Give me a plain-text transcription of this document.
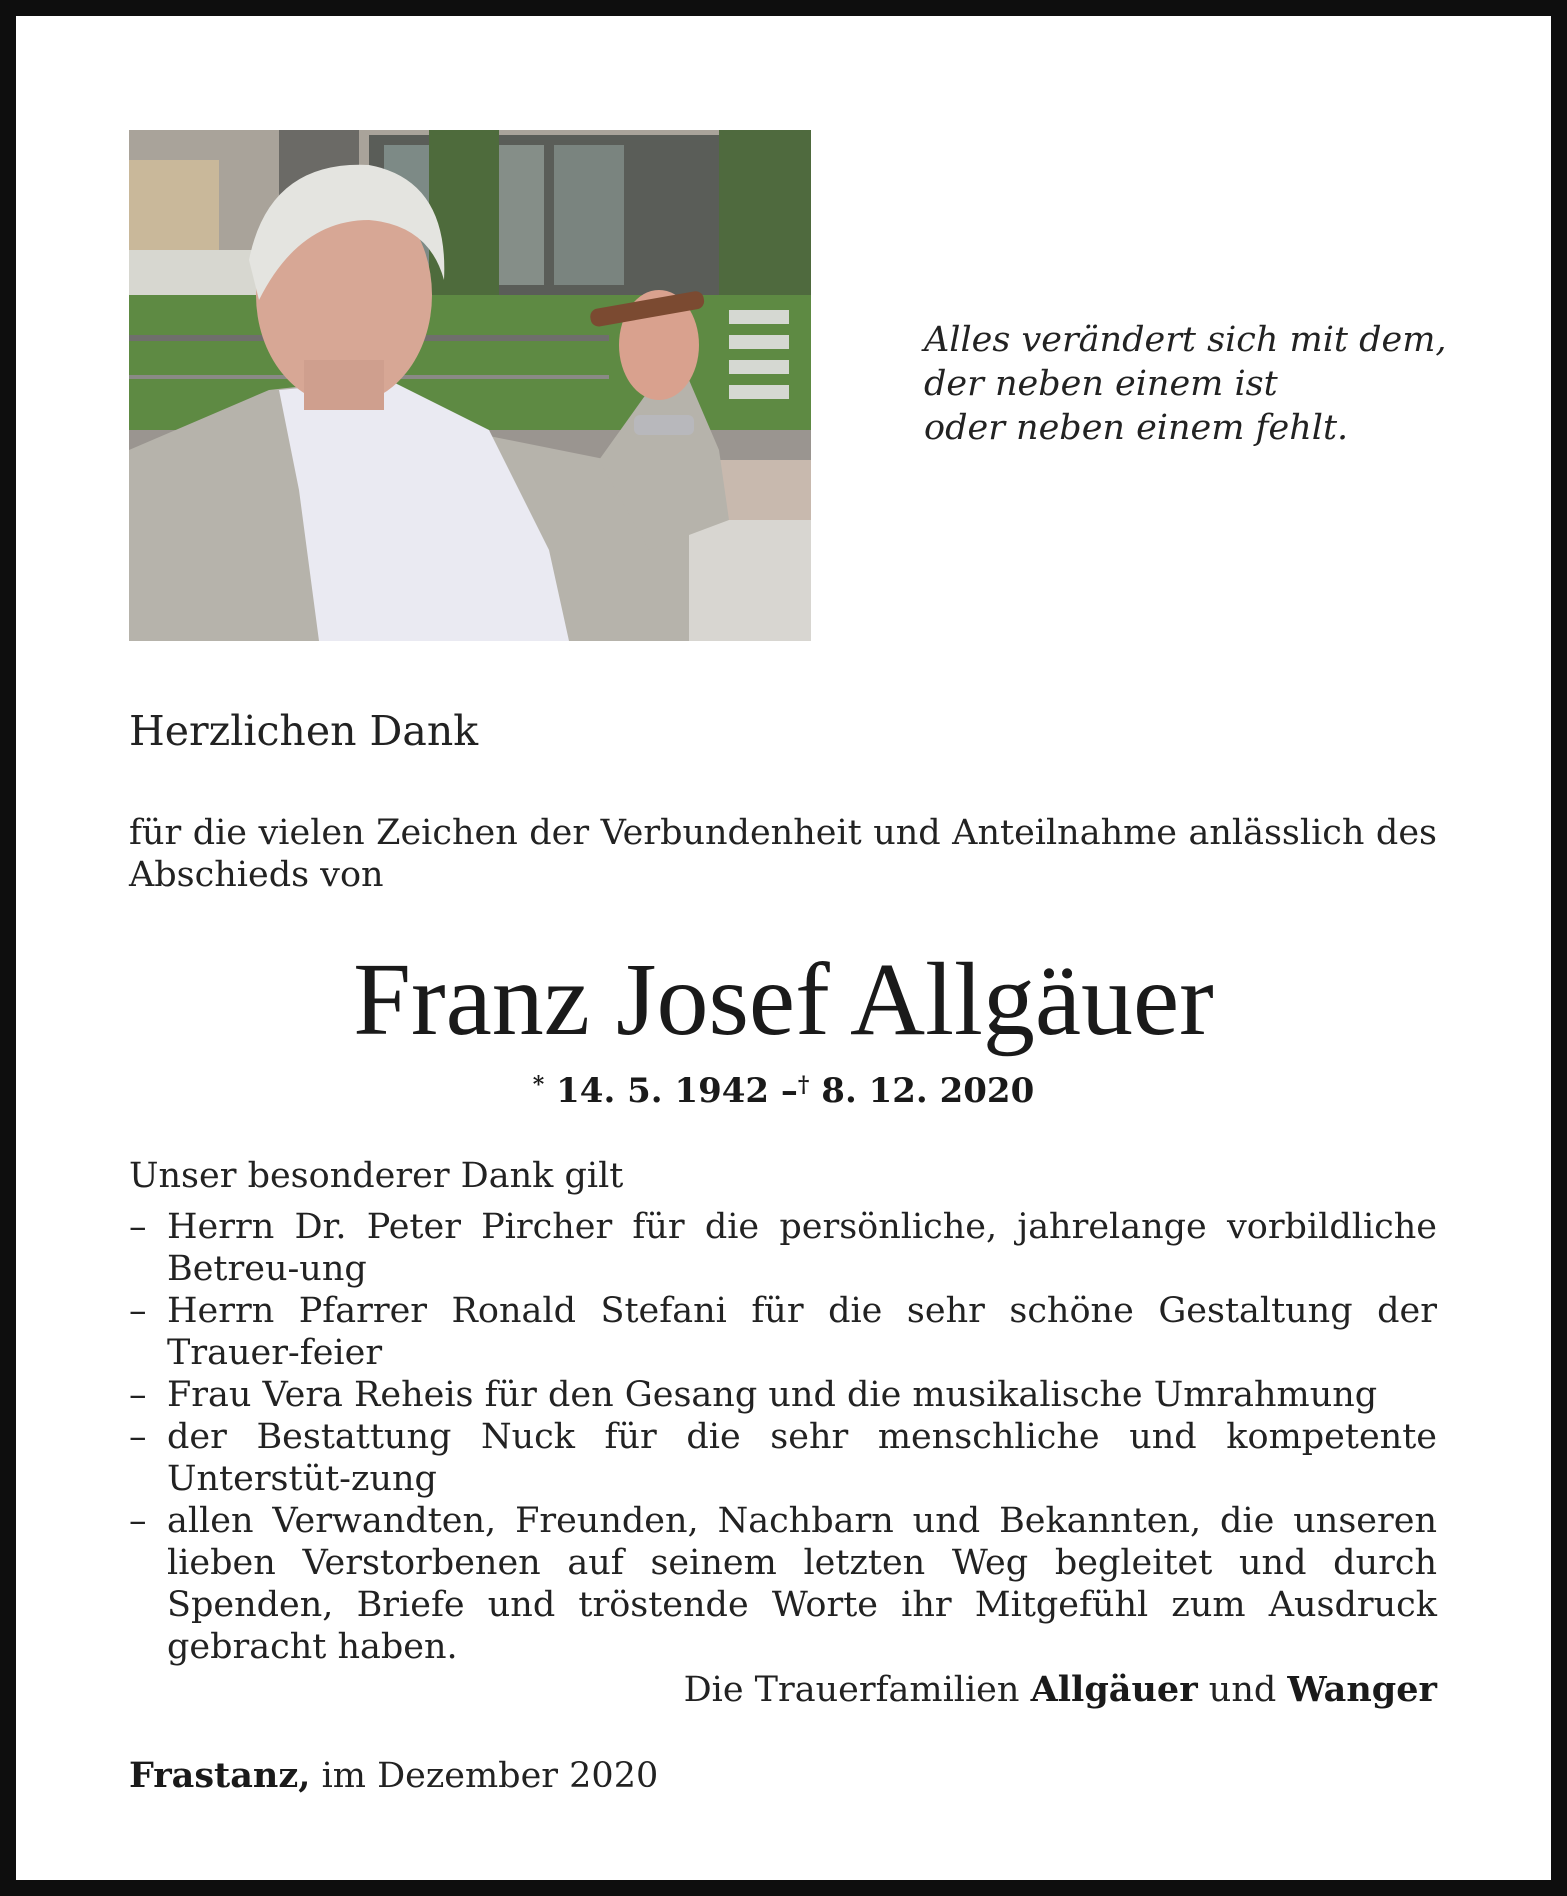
Alles verändert sich mit dem,
der neben einem ist
oder neben einem fehlt.
Herzlichen Dank
für die vielen Zeichen der Verbundenheit und Anteilnahme anlässlich des Abschieds von
Franz Josef Allgäuer
* 14. 5. 1942 –† 8. 12. 2020
Unser besonderer Dank gilt
– Herrn Dr. Peter Pircher für die persönliche, jahrelange vorbildliche Betreu-ung
– Herrn Pfarrer Ronald Stefani für die sehr schöne Gestaltung der Trauer-feier
– Frau Vera Reheis für den Gesang und die musikalische Umrahmung
– der Bestattung Nuck für die sehr menschliche und kompetente Unterstüt-zung
– allen Verwandten, Freunden, Nachbarn und Bekannten, die unseren lieben Verstorbenen auf seinem letzten Weg begleitet und durch Spenden, Briefe und tröstende Worte ihr Mitgefühl zum Ausdruck gebracht haben.
Die Trauerfamilien Allgäuer und Wanger
Frastanz, im Dezember 2020
